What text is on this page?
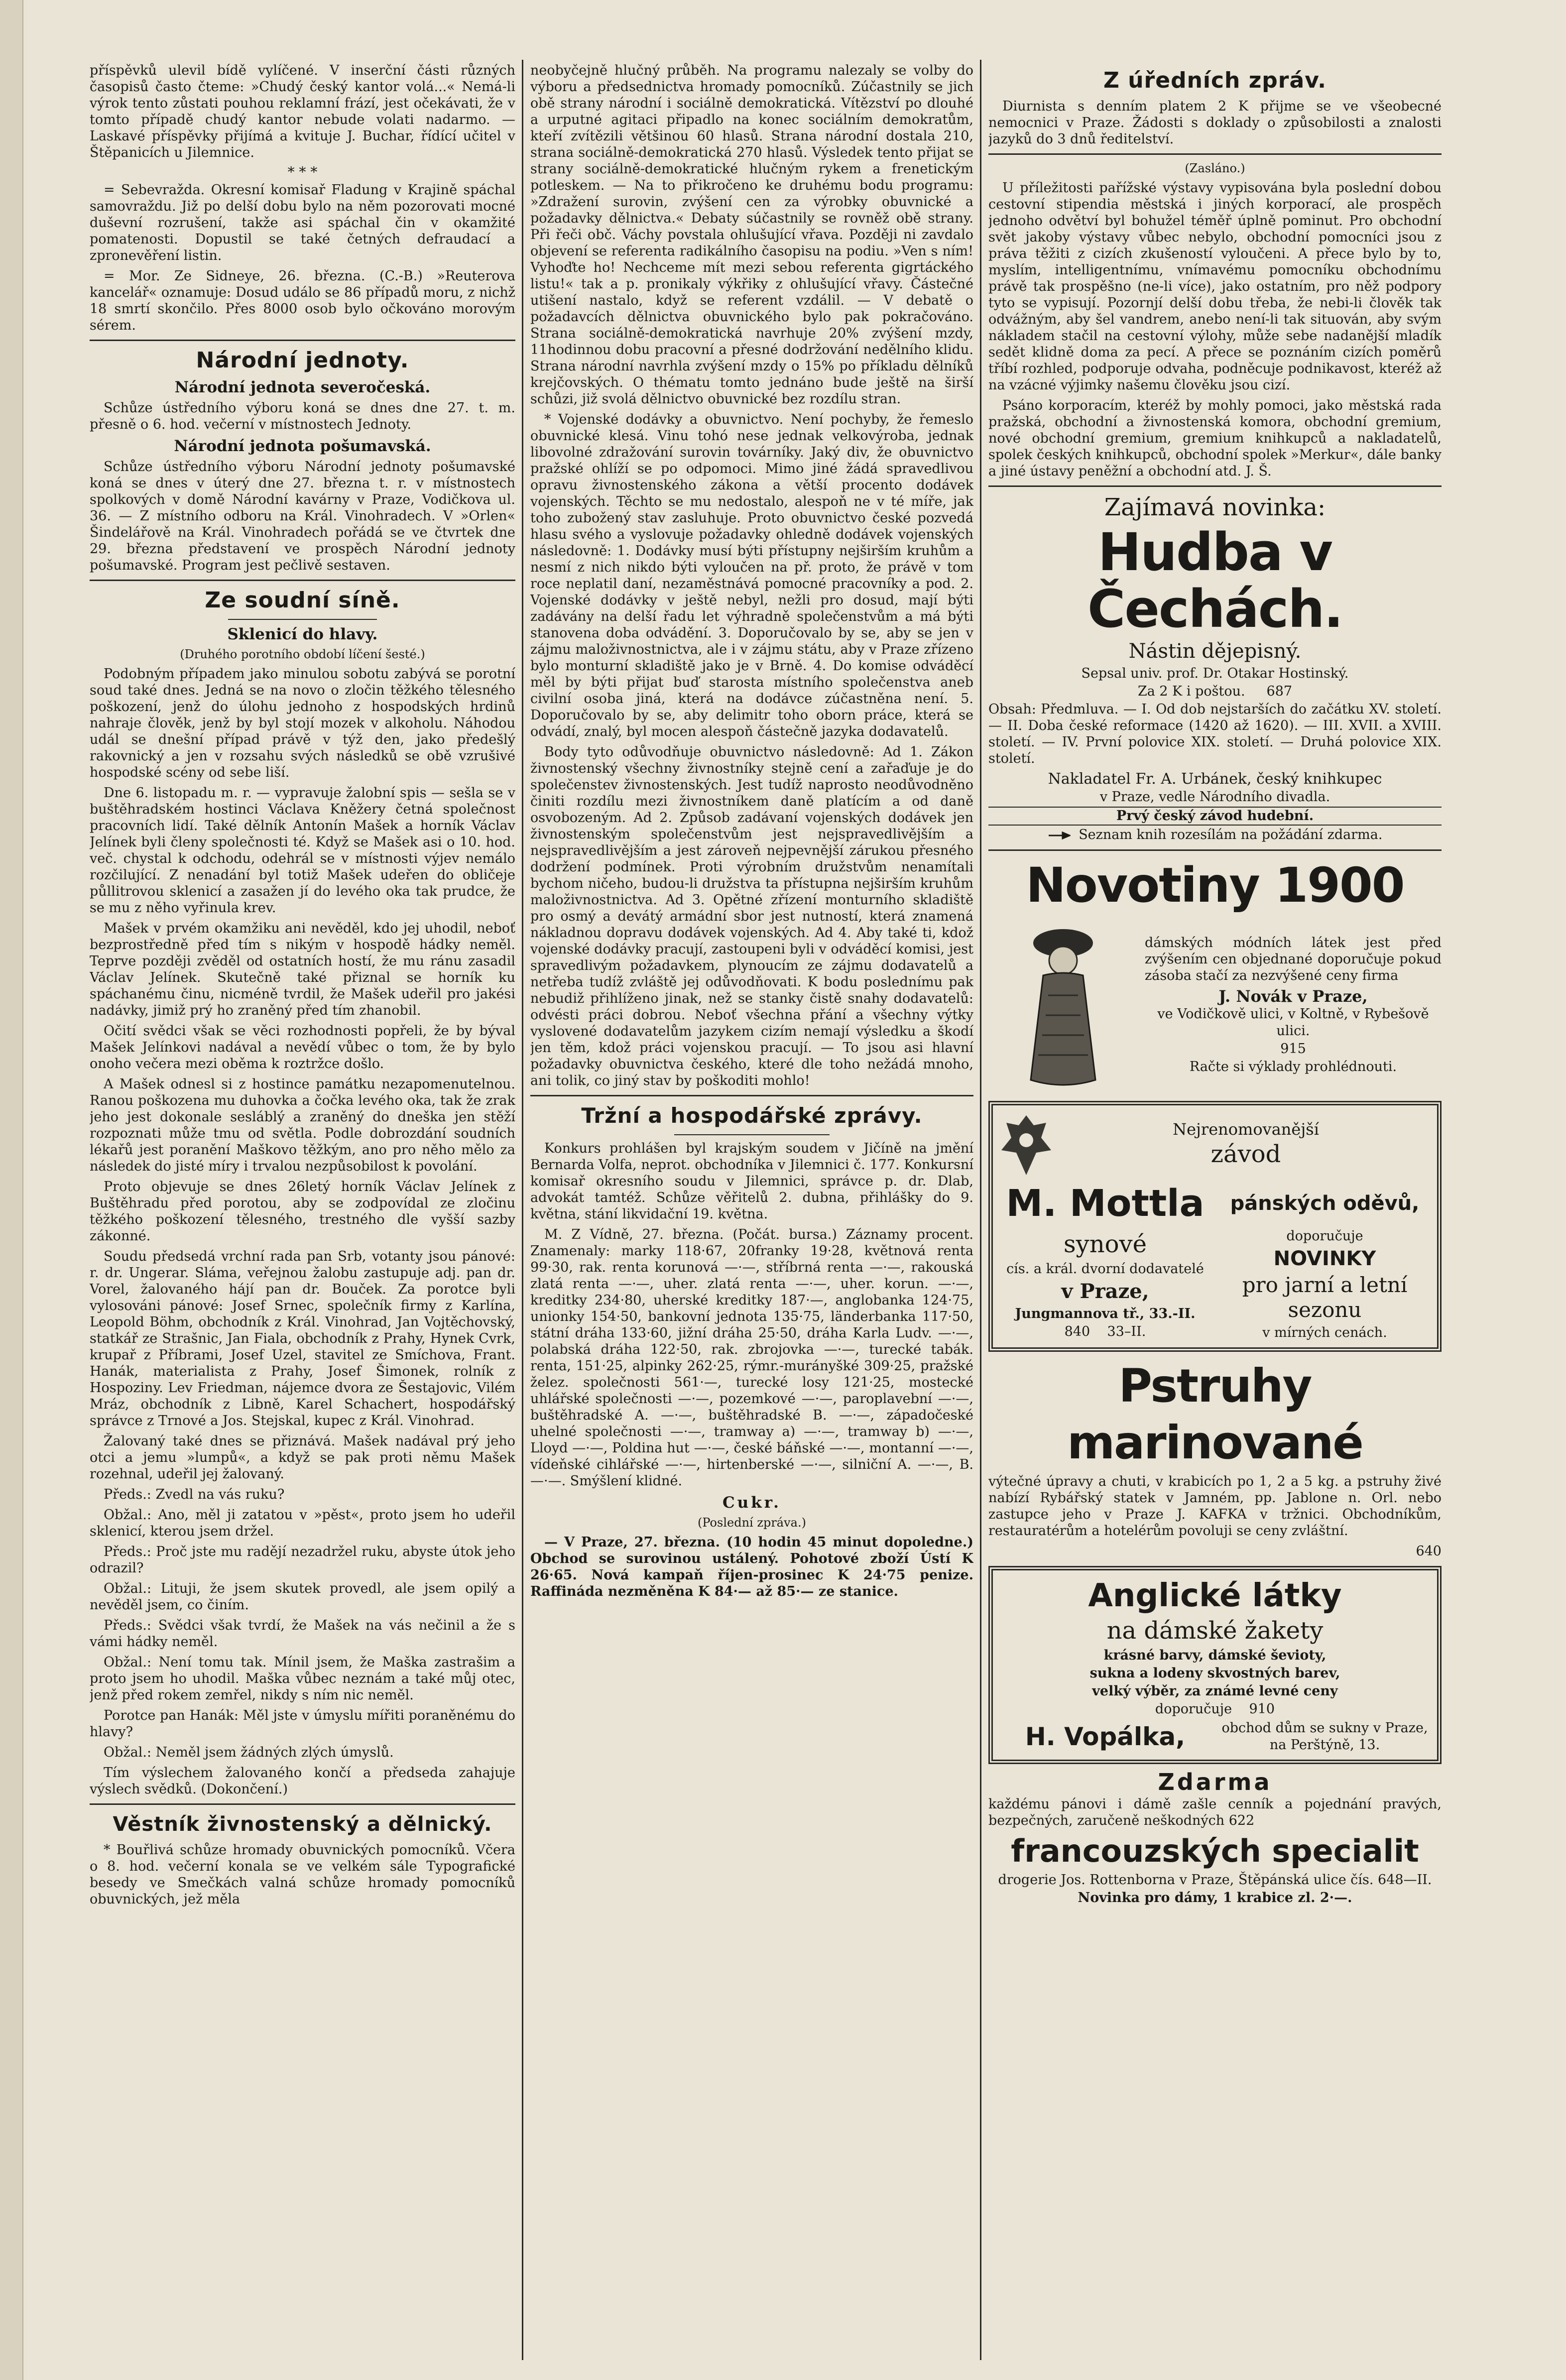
příspěvků ulevil bídě vylíčené. V inserční části různých časopisů často čteme: »Chudý český kantor volá...« Nemá-li výrok tento zůstati pouhou reklamní frází, jest očekávati, že v tomto případě chudý kantor nebude volati nadarmo. — Laskavé příspěvky přijímá a kvituje J. Buchar, řídící učitel v Štěpanicích u Jilemnice.

* * *

= Sebevražda. Okresní komisař Fladung v Krajině spáchal samovraždu. Již po delší dobu bylo na něm pozorovati mocné duševní rozrušení, takže asi spáchal čin v okamžité pomatenosti. Dopustil se také četných defraudací a zpronevěření listin.

= Mor. Ze Sidneye, 26. března. (C.-B.) »Reuterova kancelář« oznamuje: Dosud událo se 86 případů moru, z nichž 18 smrtí skončilo. Přes 8000 osob bylo očkováno morovým sérem.

Národní jednoty.
Národní jednota severočeská.

Schůze ústředního výboru koná se dnes dne 27. t. m. přesně o 6. hod. večerní v místnostech Jednoty.

Národní jednota pošumavská.

Schůze ústředního výboru Národní jednoty pošumavské koná se dnes v úterý dne 27. března t. r. v místnostech spolkových v domě Národní kavárny v Praze, Vodičkova ul. 36. — Z místního odboru na Král. Vinohradech. V »Orlen« Šindelářově na Král. Vinohradech pořádá se ve čtvrtek dne 29. března představení ve prospěch Národní jednoty pošumavské. Program jest pečlivě sestaven.

Ze soudní síně.
Sklenicí do hlavy.
(Druhého porotního období líčení šesté.)

Podobným případem jako minulou sobotu zabývá se porotní soud také dnes. Jedná se na novo o zločin těžkého tělesného poškození, jenž do úlohu jednoho z hospodských hrdinů nahraje člověk, jenž by byl stojí mozek v alkoholu. Náhodou udál se dnešní případ právě v týž den, jako předešlý rakovnický a jen v rozsahu svých následků se obě vzrušivé hospodské scény od sebe liší.

Dne 6. listopadu m. r. — vypravuje žalobní spis — sešla se v buštěhradském hostinci Václava Kněžery četná společnost pracovních lidí. Také dělník Antonín Mašek a horník Václav Jelínek byli členy společnosti té. Když se Mašek asi o 10. hod. več. chystal k odchodu, odehrál se v místnosti výjev nemálo rozčilující. Z nenadání byl totiž Mašek udeřen do obličeje půllitrovou sklenicí a zasažen jí do levého oka tak prudce, že se mu z něho vyřinula krev.

Mašek v prvém okamžiku ani nevěděl, kdo jej uhodil, neboť bezprostředně před tím s nikým v hospodě hádky neměl. Teprve později zvěděl od ostatních hostí, že mu ránu zasadil Václav Jelínek. Skutečně také přiznal se horník ku spáchanému činu, nicméně tvrdil, že Mašek udeřil pro jakési nadávky, jimiž prý ho zraněný před tím zhanobil.

Očití svědci však se věci rozhodnosti popřeli, že by býval Mašek Jelínkovi nadával a nevědí vůbec o tom, že by bylo onoho večera mezi oběma k roztržce došlo.

A Mašek odnesl si z hostince památku nezapomenutelnou. Ranou poškozena mu duhovka a čočka levého oka, tak že zrak jeho jest dokonale sesláblý a zraněný do dneška jen stěží rozpoznati může tmu od světla. Podle dobrozdání soudních lékařů jest poranění Maškovo těžkým, ano pro něho mělo za následek do jisté míry i trvalou nezpůsobilost k povolání.

Proto objevuje se dnes 26letý horník Václav Jelínek z Buštěhradu před porotou, aby se zodpovídal ze zločinu těžkého poškození tělesného, trestného dle vyšší sazby zákonné.

Soudu předsedá vrchní rada pan Srb, votanty jsou pánové: r. dr. Ungerar. Sláma, veřejnou žalobu zastupuje adj. pan dr. Vorel, žalovaného hájí pan dr. Bouček. Za porotce byli vylosováni pánové: Josef Srnec, společník firmy z Karlína, Leopold Böhm, obchodník z Král. Vinohrad, Jan Vojtěchovský, statkář ze Strašnic, Jan Fiala, obchodník z Prahy, Hynek Cvrk, krupař z Příbrami, Josef Uzel, stavitel ze Smíchova, Frant. Hanák, materialista z Prahy, Josef Šimonek, rolník z Hospoziny. Lev Friedman, nájemce dvora ze Šestajovic, Vilém Mráz, obchodník z Libně, Karel Schachert, hospodářský správce z Trnové a Jos. Stejskal, kupec z Král. Vinohrad.

Žalovaný také dnes se přiznává. Mašek nadával prý jeho otci a jemu »lumpů«, a když se pak proti němu Mašek rozehnal, udeřil jej žalovaný.

Předs.: Zvedl na vás ruku?

Obžal.: Ano, měl ji zatatou v »pěst«, proto jsem ho udeřil sklenicí, kterou jsem držel.

Předs.: Proč jste mu radějí nezadržel ruku, abyste útok jeho odrazil?

Obžal.: Lituji, že jsem skutek provedl, ale jsem opilý a nevěděl jsem, co činím.

Předs.: Svědci však tvrdí, že Mašek na vás nečinil a že s vámi hádky neměl.

Obžal.: Není tomu tak. Mínil jsem, že Maška zastrašim a proto jsem ho uhodil. Maška vůbec neznám a také můj otec, jenž před rokem zemřel, nikdy s ním nic neměl.

Porotce pan Hanák: Měl jste v úmyslu mířiti poraněnému do hlavy?

Obžal.: Neměl jsem žádných zlých úmyslů.

Tím výslechem žalovaného končí a předseda zahajuje výslech svědků. (Dokončení.)

Věstník živnostenský a dělnický.

* Bouřlivá schůze hromady obuvnických pomocníků. Včera o 8. hod. večerní konala se ve velkém sále Typografické besedy ve Smečkách valná schůze hromady pomocníků obuvnických, jež měla

neobyčejně hlučný průběh. Na programu nalezaly se volby do výboru a předsednictva hromady pomocníků. Zúčastnily se jich obě strany národní i sociálně demokratická. Vítězství po dlouhé a urputné agitaci připadlo na konec sociálním demokratům, kteří zvítězili většinou 60 hlasů. Strana národní dostala 210, strana sociálně-demokratická 270 hlasů. Výsledek tento přijat se strany sociálně-demokratické hlučným rykem a frenetickým potleskem. — Na to přikročeno ke druhému bodu programu: »Zdražení surovin, zvýšení cen za výrobky obuvnické a požadavky dělnictva.« Debaty súčastnily se rovněž obě strany. Při řeči obč. Váchy povstala ohlušující vřava. Později ni zavdalo objevení se referenta radikálního časopisu na podiu. »Ven s ním! Vyhoďte ho! Nechceme mít mezi sebou referenta gigrtáckého listu!« tak a p. pronikaly výkřiky z ohlušující vřavy. Částečné utišení nastalo, když se referent vzdálil. — V debatě o požadavcích dělnictva obuvnického bylo pak pokračováno. Strana sociálně-demokratická navrhuje 20% zvýšení mzdy, 11hodinnou dobu pracovní a přesné dodržování nedělního klidu. Strana národní navrhla zvýšení mzdy o 15% po příkladu dělníků krejčovských. O thématu tomto jednáno bude ještě na širší schůzi, již svolá dělnictvo obuvnické bez rozdílu stran.

* Vojenské dodávky a obuvnictvo. Není pochyby, že řemeslo obuvnické klesá. Vinu tohó nese jednak velkovýroba, jednak libovolné zdražování surovin továrníky. Jaký div, že obuvnictvo pražské ohlíží se po odpomoci. Mimo jiné žádá spravedlivou opravu živnostenského zákona a větší procento dodávek vojenských. Těchto se mu nedostalo, alespoň ne v té míře, jak toho zubožený stav zasluhuje. Proto obuvnictvo české pozvedá hlasu svého a vyslovuje požadavky ohledně dodávek vojenských následovně: 1. Dodávky musí býti přístupny nejširším kruhům a nesmí z nich nikdo býti vyloučen na př. proto, že právě v tom roce neplatil daní, nezaměstnává pomocné pracovníky a pod. 2. Vojenské dodávky v ještě nebyl, nežli pro dosud, mají býti zadávány na delší řadu let výhradně společenstvům a má býti stanovena doba odvádění. 3. Doporučovalo by se, aby se jen v zájmu maloživnostnictva, ale i v zájmu státu, aby v Praze zřízeno bylo monturní skladiště jako je v Brně. 4. Do komise odváděcí měl by býti přijat buď starosta místního společenstva aneb civilní osoba jiná, která na dodávce zúčastněna není. 5. Doporučovalo by se, aby delimitr toho oborn práce, která se odvádí, znalý, byl mocen alespoň částečně jazyka dodavatelů.

Body tyto odůvodňuje obuvnictvo následovně: Ad 1. Zákon živnostenský všechny živnostníky stejně cení a zařaďuje je do společenstev živnostenských. Jest tudíž naprosto neodůvodněno činiti rozdílu mezi živnostníkem daně platícím a od daně osvobozeným. Ad 2. Způsob zadávaní vojenských dodávek jen živnostenským společenstvům jest nejspravedlivějším a nejspravedlivějším a jest zároveň nejpevnější zárukou přesného dodržení podmínek. Proti výrobním družstvům nenamítali bychom ničeho, budou-li družstva ta přístupna nejširším kruhům maloživnostnictva. Ad 3. Opětné zřízení monturního skladiště pro osmý a devátý armádní sbor jest nutností, která znamená nákladnou dopravu dodávek vojenských. Ad 4. Aby také ti, kdož vojenské dodávky pracují, zastoupeni byli v odváděcí komisi, jest spravedlivým požadavkem, plynoucím ze zájmu dodavatelů a netřeba tudíž zvláště jej odůvodňovati. K bodu poslednímu pak nebudiž přihlíženo jinak, než se stanky čistě snahy dodavatelů: odvésti práci dobrou. Neboť všechna přání a všechny výtky vyslovené dodavatelům jazykem cizím nemají výsledku a škodí jen těm, kdož práci vojenskou pracují. — To jsou asi hlavní požadavky obuvnictva českého, které dle toho nežádá mnoho, ani tolik, co jiný stav by poškoditi mohlo!

Tržní a hospodářské zprávy.

Konkurs prohlášen byl krajským soudem v Jičíně na jmění Bernarda Volfa, neprot. obchodníka v Jilemnici č. 177. Konkursní komisař okresního soudu v Jilemnici, správce p. dr. Dlab, advokát tamtéž. Schůze věřitelů 2. dubna, přihlášky do 9. května, stání likvidační 19. května.

M. Z Vídně, 27. března. (Počát. bursa.) Záznamy procent. Znamenaly: marky 118·67, 20franky 19·28, květnová renta 99·30, rak. renta korunová —·—, stříbrná renta —·—, rakouská zlatá renta —·—, uher. zlatá renta —·—, uher. korun. —·—, kreditky 234·80, uherské kreditky 187·—, anglobanka 124·75, unionky 154·50, bankovní jednota 135·75, länderbanka 117·50, státní dráha 133·60, jižní dráha 25·50, dráha Karla Ludv. —·—, polabská dráha 122·50, rak. zbrojovka —·—, turecké tabák. renta, 151·25, alpinky 262·25, rýmr.-murányšké 309·25, pražské želez. společnosti 561·—, turecké losy 121·25, mostecké uhlářské společnosti —·—, pozemkové —·—, paroplavební —·—, buštěhradské A. —·—, buštěhradské B. —·—, západočeské uhelné společnosti —·—, tramway a) —·—, tramway b) —·—, Lloyd —·—, Poldina hut —·—, české báňské —·—, montanní —·—, vídeňské cihlářské —·—, hirtenberské —·—, silniční A. —·—, B. —·—. Smýšlení klidné.

Cukr.
(Poslední zpráva.)

— V Praze, 27. března. (10 hodin 45 minut dopoledne.) Obchod se surovinou ustálený. Pohotové zboží Ústí K 26·65. Nová kampaň říjen-prosinec K 24·75 penize. Raffináda nezměněna K 84·— až 85·— ze stanice.

Z úředních zpráv.

Diurnista s denním platem 2 K přijme se ve všeobecné nemocnici v Praze. Žádosti s doklady o způsobilosti a znalosti jazyků do 3 dnů ředitelství.

(Zasláno.)

U příležitosti pařížské výstavy vypisována byla poslední dobou cestovní stipendia městská i jiných korporací, ale prospěch jednoho odvětví byl bohužel téměř úplně pominut. Pro obchodní svět jakoby výstavy vůbec nebylo, obchodní pomocníci jsou z práva těžiti z cizích zkušeností vyloučeni. A přece bylo by to, myslím, intelligentnímu, vnímavému pomocníku obchodnímu právě tak prospěšno (ne-li více), jako ostatním, pro něž podpory tyto se vypisují. Pozornjí delší dobu třeba, že nebi-li člověk tak odvážným, aby šel vandrem, anebo není-li tak situován, aby svým nákladem stačil na cestovní výlohy, může sebe nadanější mladík sedět klidně doma za pecí. A přece se poznáním cizích poměrů tříbí rozhled, podporuje odvaha, podněcuje podnikavost, kteréž až na vzácné výjimky našemu člověku jsou cizí.

Psáno korporacím, kteréž by mohly pomoci, jako městská rada pražská, obchodní a živnostenská komora, obchodní gremium, nové obchodní gremium, gremium knihkupců a nakladatelů, spolek českých knihkupců, obchodní spolek »Merkur«, dále banky a jiné ústavy peněžní a obchodní atd. J. Š.

Zajímavá novinka:
Hudba v Čechách.
Nástin dějepisný.
Sepsal univ. prof. Dr. Otakar Hostinský.
Za 2 K i poštou. 687

Obsah: Předmluva. — I. Od dob nejstarších do začátku XV. století. — II. Doba české reformace (1420 až 1620). — III. XVII. a XVIII. století. — IV. První polovice XIX. století. — Druhá polovice XIX. století.

Nakladatel Fr. A. Urbánek, český knihkupec
v Praze, vedle Národního divadla.
Prvý český závod hudební.
Seznam knih rozesílám na požádání zdarma.
Novotiny 1900

dámských módních látek jest před zvýšením cen objednané doporučuje pokud zásoba stačí za nezvýšené ceny firma

J. Novák v Praze,
ve Vodičkově ulici, v Koltně, v Rybešově ulici.
915
Račte si výklady prohlédnouti.
Nejrenomovanější
závod
M. Mottla	pánských oděvů,
synové
cís. a král. dvorní dodavatelé
v Praze,
Jungmannova tř., 33.-II.
840 33–II.
doporučuje
NOVINKY
pro jarní a letní sezonu
v mírných cenách.
Pstruhy marinované

výtečné úpravy a chuti, v krabicích po 1, 2 a 5 kg. a pstruhy živé nabízí Rybářský statek v Jamném, pp. Jablone n. Orl. nebo zastupce jeho v Praze J. KAFKA v tržnici. Obchodníkům, restauratérům a hotelérům povoluji se ceny zvláštní.

640
Anglické látky
na dámské žakety
krásné barvy, dámské ševioty,
sukna a lodeny skvostných barev,
velký výběr, za známé levné ceny
doporučuje 910
H. Vopálka,	obchod dům se sukny v Praze, na Perštýně, 13.
Zdarma

každému pánovi i dámě zašle cenník a pojednání pravých, bezpečných, zaručeně neškodných 622

francouzských specialit
drogerie Jos. Rottenborna v Praze, Štěpánská ulice čís. 648—II.
Novinka pro dámy, 1 krabice zl. 2·—.
